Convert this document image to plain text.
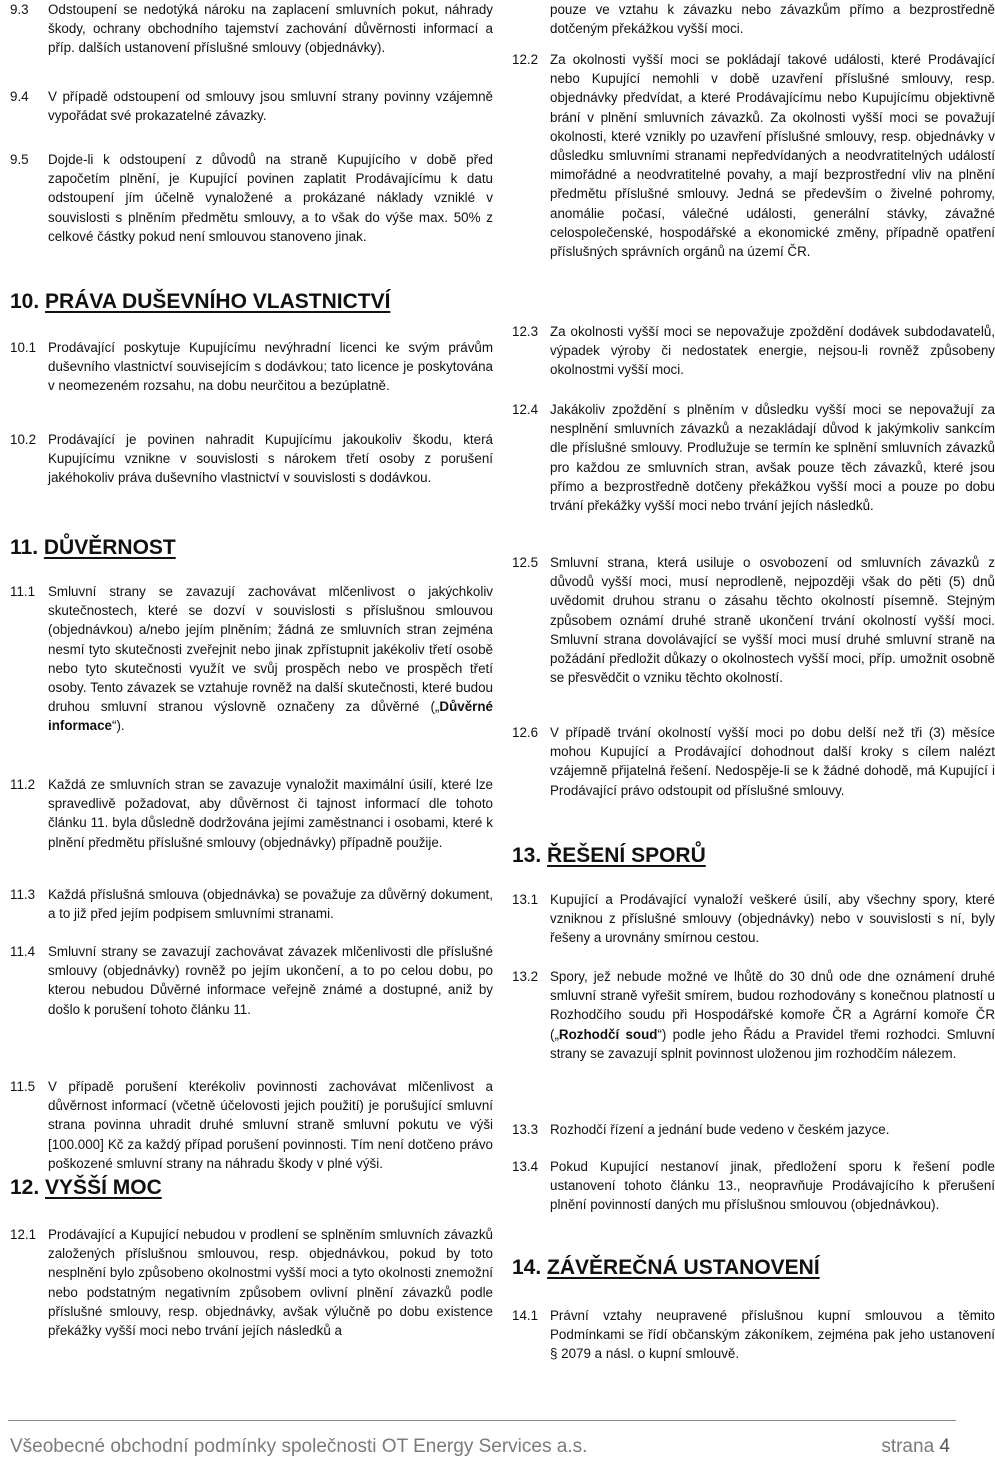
9.3 Odstoupení se nedotýká nároku na zaplacení smluvních pokut, náhrady škody, ochrany obchodního tajemství zachování důvěrnosti informací a příp. dalších ustanovení příslušné smlouvy (objednávky).
9.4 V případě odstoupení od smlouvy jsou smluvní strany povinny vzájemně vypořádat své prokazatelné závazky.
9.5 Dojde-li k odstoupení z důvodů na straně Kupujícího v době před započetím plnění, je Kupující povinen zaplatit Prodávajícímu k datu odstoupení jím účelně vynaložené a prokázané náklady vzniklé v souvislosti s plněním předmětu smlouvy, a to však do výše max. 50% z celkové částky pokud není smlouvou stanoveno jinak.
10. PRÁVA DUŠEVNÍHO VLASTNICTVÍ
10.1 Prodávající poskytuje Kupujícímu nevýhradní licenci ke svým právům duševního vlastnictví souvisejícím s dodávkou; tato licence je poskytována v neomezeném rozsahu, na dobu neurčitou a bezúplatně.
10.2 Prodávající je povinen nahradit Kupujícímu jakoukoliv škodu, která Kupujícímu vznikne v souvislosti s nárokem třetí osoby z porušení jakéhokoliv práva duševního vlastnictví v souvislosti s dodávkou.
11. DŮVĚRNOST
11.1 Smluvní strany se zavazují zachovávat mlčenlivost o jakýchkoliv skutečnostech, které se dozví v souvislosti s příslušnou smlouvou (objednávkou) a/nebo jejím plněním; žádná ze smluvních stran zejména nesmí tyto skutečnosti zveřejnit nebo jinak zpřístupnit jakékoliv třetí osobě nebo tyto skutečnosti využít ve svůj prospěch nebo ve prospěch třetí osoby. Tento závazek se vztahuje rovněž na další skutečnosti, které budou druhou smluvní stranou výslovně označeny za důvěrné („Důvěrné informace“).
11.2 Každá ze smluvních stran se zavazuje vynaložit maximální úsilí, které lze spravedlivě požadovat, aby důvěrnost či tajnost informací dle tohoto článku 11. byla důsledně dodržována jejími zaměstnanci i osobami, které k plnění předmětu příslušné smlouvy (objednávky) případně použije.
11.3 Každá příslušná smlouva (objednávka) se považuje za důvěrný dokument, a to již před jejím podpisem smluvními stranami.
11.4 Smluvní strany se zavazují zachovávat závazek mlčenlivosti dle příslušné smlouvy (objednávky) rovněž po jejím ukončení, a to po celou dobu, po kterou nebudou Důvěrné informace veřejně známé a dostupné, aniž by došlo k porušení tohoto článku 11.
11.5 V případě porušení kterékoliv povinnosti zachovávat mlčenlivost a důvěrnost informací (včetně účelovosti jejich použití) je porušující smluvní strana povinna uhradit druhé smluvní straně smluvní pokutu ve výši [100.000] Kč za každý případ porušení povinnosti. Tím není dotčeno právo poškozené smluvní strany na náhradu škody v plné výši.
12. VYŠŠÍ MOC
12.1 Prodávající a Kupující nebudou v prodlení se splněním smluvních závazků založených příslušnou smlouvou, resp. objednávkou, pokud by toto nesplnění bylo způsobeno okolnostmi vyšší moci a tyto okolnosti znemožní nebo podstatným negativním způsobem ovlivní plnění závazků podle příslušné smlouvy, resp. objednávky, avšak výlučně po dobu existence překážky vyšší moci nebo trvání jejích následků a
pouze ve vztahu k závazku nebo závazkům přímo a bezprostředně dotčeným překážkou vyšší moci.
12.2 Za okolnosti vyšší moci se pokládají takové události, které Prodávající nebo Kupující nemohli v době uzavření příslušné smlouvy, resp. objednávky předvídat, a které Prodávajícímu nebo Kupujícímu objektivně brání v plnění smluvních závazků. Za okolnosti vyšší moci se považují okolnosti, které vznikly po uzavření příslušné smlouvy, resp. objednávky v důsledku smluvními stranami nepředvídaných a neodvratitelných událostí mimořádné a neodvratitelné povahy, a mají bezprostřední vliv na plnění předmětu příslušné smlouvy. Jedná se především o živelné pohromy, anomálie počasí, válečné události, generální stávky, závažné celospolečenské, hospodářské a ekonomické změny, případně opatření příslušných správních orgánů na území ČR.
12.3 Za okolnosti vyšší moci se nepovažuje zpoždění dodávek subdodavatelů, výpadek výroby či nedostatek energie, nejsou-li rovněž způsobeny okolnostmi vyšší moci.
12.4 Jakákoliv zpoždění s plněním v důsledku vyšší moci se nepovažují za nesplnění smluvních závazků a nezakládají důvod k jakýmkoliv sankcím dle příslušné smlouvy. Prodlužuje se termín ke splnění smluvních závazků pro každou ze smluvních stran, avšak pouze těch závazků, které jsou přímo a bezprostředně dotčeny překážkou vyšší moci a pouze po dobu trvání překážky vyšší moci nebo trvání jejích následků.
12.5 Smluvní strana, která usiluje o osvobození od smluvních závazků z důvodů vyšší moci, musí neprodleně, nejpozději však do pěti (5) dnů uvědomit druhou stranu o zásahu těchto okolností písemně. Stejným způsobem oznámí druhé straně ukončení trvání okolností vyšší moci. Smluvní strana dovolávající se vyšší moci musí druhé smluvní straně na požádání předložit důkazy o okolnostech vyšší moci, příp. umožnit osobně se přesvědčit o vzniku těchto okolností.
12.6 V případě trvání okolností vyšší moci po dobu delší než tři (3) měsíce mohou Kupující a Prodávající dohodnout další kroky s cílem nalézt vzájemně přijatelná řešení. Nedospěje-li se k žádné dohodě, má Kupující i Prodávající právo odstoupit od příslušné smlouvy.
13. ŘEŠENÍ SPORŮ
13.1 Kupující a Prodávající vynaloží veškeré úsilí, aby všechny spory, které vzniknou z příslušné smlouvy (objednávky) nebo v souvislosti s ní, byly řešeny a urovnány smírnou cestou.
13.2 Spory, jež nebude možné ve lhůtě do 30 dnů ode dne oznámení druhé smluvní straně vyřešit smírem, budou rozhodovány s konečnou platností u Rozhodčího soudu při Hospodářské komoře ČR a Agrární komoře ČR („Rozhodčí soud“) podle jeho Řádu a Pravidel třemi rozhodci. Smluvní strany se zavazují splnit povinnost uloženou jim rozhodčím nálezem.
13.3 Rozhodčí řízení a jednání bude vedeno v českém jazyce.
13.4 Pokud Kupující nestanoví jinak, předložení sporu k řešení podle ustanovení tohoto článku 13., neopravňuje Prodávajícího k přerušení plnění povinností daných mu příslušnou smlouvou (objednávkou).
14. ZÁVĚREČNÁ USTANOVENÍ
14.1 Právní vztahy neupravené příslušnou kupní smlouvou a těmito Podmínkami se řídí občanským zákoníkem, zejména pak jeho ustanovení § 2079 a násl. o kupní smlouvě.
Všeobecné obchodní podmínky společnosti OT Energy Services a.s.	strana 4
